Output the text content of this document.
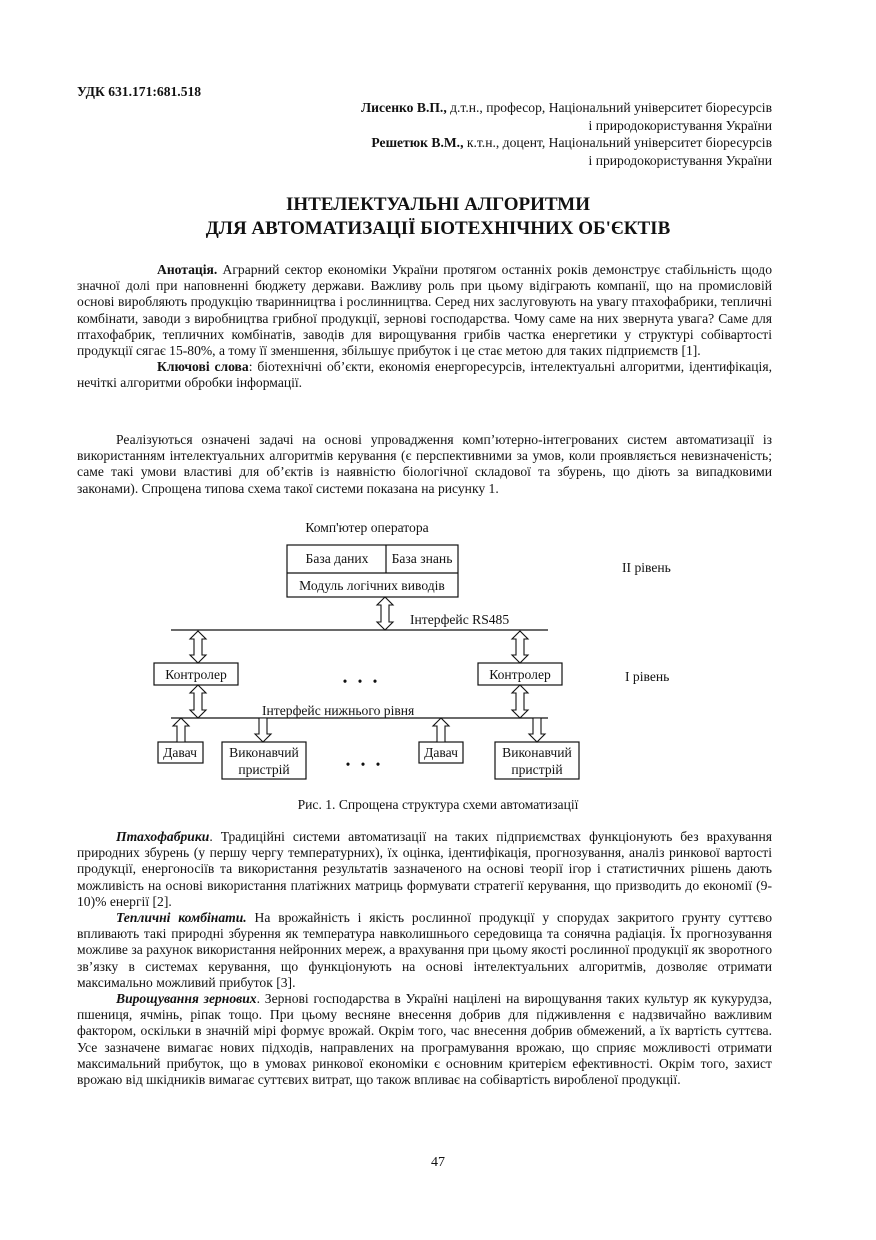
УДК 631.171:681.518
Лисенко В.П., д.т.н., професор, Національний університет біоресурсів
і природокористування України
Решетюк В.М., к.т.н., доцент, Національний університет біоресурсів
і природокористування України
ІНТЕЛЕКТУАЛЬНІ АЛГОРИТМИ
ДЛЯ АВТОМАТИЗАЦІЇ БІОТЕХНІЧНИХ ОБ'ЄКТІВ

Анотація. Аграрний сектор економіки України протягом останніх років демонструє стабільність щодо значної долі при наповненні бюджету держави. Важливу роль при цьому відіграють компанії, що на промисловій основі виробляють продукцію тваринництва і рослинництва. Серед них заслуговують на увагу птахофабрики, тепличні комбінати, заводи з виробництва грибної продукції, зернові господарства. Чому саме на них звернута увага? Саме для птахофабрик, тепличних комбінатів, заводів для вирощування грибів частка енергетики у структурі собівартості продукції сягає 15-80%, а тому її зменшення, збільшує прибуток і це стає метою для таких підприємств [1].

Ключові слова: біотехнічні об’єкти, економія енергоресурсів, інтелектуальні алгоритми, ідентифікація, нечіткі алгоритми обробки інформації.

Реалізуються означені задачі на основі упровадження комп’ютерно-інтегрованих систем автоматизації із використанням інтелектуальних алгоритмів керування (є перспективними за умов, коли проявляється невизначеність; саме такі умови властиві для об’єктів із наявністю біологічної складової та збурень, що діють за випадковими законами). Спрощена типова схема такої системи показана на рисунку 1.

Комп'ютер оператора
База даних База знань
Модуль логічних виводів
II рівень
Інтерфейс RS485
Контролер	Контролер	І рівень
•   •   •
Інтерфейс нижнього рівня
Давач Виконавчий
пристрій
Давач	Виконавчий
пристрій
•   •   •
Рис. 1. Спрощена структура схеми автоматизації

Птахофабрики. Традиційні системи автоматизації на таких підприємствах функціонують без врахування природних збурень (у першу чергу температурних), їх оцінка, ідентифікація, прогнозування, аналіз ринкової вартості продукції, енергоносіїв та використання результатів зазначеного на основі теорії ігор і статистичних рішень дають можливість на основі використання платіжних матриць формувати стратегії керування, що призводить до економії (9-10)% енергії [2].

Тепличні комбінати. На врожайність і якість рослинної продукції у спорудах закритого грунту суттєво впливають такі природні збурення як температура навколишнього середовища та сонячна радіація. Їх прогнозування можливе за рахунок використання нейронних мереж, а врахування при цьому якості рослинної продукції як зворотного зв’язку в системах керування, що функціонують на основі інтелектуальних алгоритмів, дозволяє отримати максимально можливий прибуток [3].

Вирощування зернових. Зернові господарства в Україні націлені на вирощування таких культур як кукурудза, пшениця, ячмінь, ріпак тощо. При цьому весняне внесення добрив для підживлення є надзвичайно важливим фактором, оскільки в значній мірі формує врожай. Окрім того, час внесення добрив обмежений, а їх вартість суттєва. Усе зазначене вимагає нових підходів, направлених на програмування врожаю, що сприяє можливості отримати максимальний прибуток, що в умовах ринкової економіки є основним критерієм ефективності. Окрім того, захист врожаю від шкідників вимагає суттєвих витрат, що також впливає на собівартість виробленої продукції.

47
